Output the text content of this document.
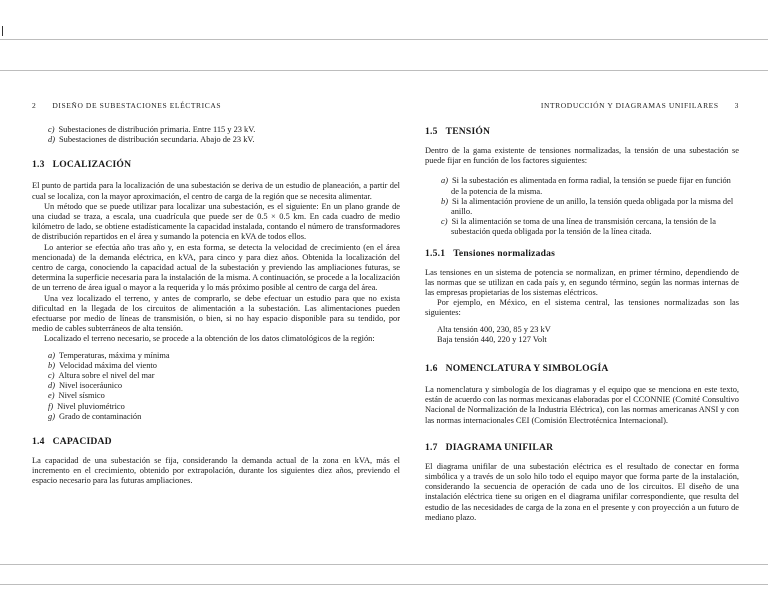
2 DISEÑO DE SUBESTACIONES ELÉCTRICAS
c) Subestaciones de distribución primaria. Entre 115 y 23 kV.
d) Subestaciones de distribución secundaria. Abajo de 23 kV.
1.3 LOCALIZACIÓN

El punto de partida para la localización de una subestación se deriva de un estudio de planeación, a partir del cual se localiza, con la mayor aproximación, el centro de carga de la región que se necesita alimentar.

Un método que se puede utilizar para localizar una subestación, es el siguiente: En un plano grande de una ciudad se traza, a escala, una cuadrícula que puede ser de 0.5 × 0.5 km. En cada cuadro de medio kilómetro de lado, se obtiene estadísticamente la capacidad instalada, contando el número de transformadores de distribución repartidos en el área y sumando la potencia en kVA de todos ellos.

Lo anterior se efectúa año tras año y, en esta forma, se detecta la velocidad de crecimiento (en el área mencionada) de la demanda eléctrica, en kVA, para cinco y para diez años. Obtenida la localización del centro de carga, conociendo la capacidad actual de la subestación y previendo las ampliaciones futuras, se determina la superficie necesaria para la instalación de la misma. A continuación, se procede a la localización de un terreno de área igual o mayor a la requerida y lo más próximo posible al centro de carga del área.

Una vez localizado el terreno, y antes de comprarlo, se debe efectuar un estudio para que no exista dificultad en la llegada de los circuitos de alimentación a la subestación. Las alimentaciones pueden efectuarse por medio de líneas de transmisión, o bien, si no hay espacio disponible para su tendido, por medio de cables subterráneos de alta tensión.

Localizado el terreno necesario, se procede a la obtención de los datos climatológicos de la región:

a) Temperaturas, máxima y mínima
b) Velocidad máxima del viento
c) Altura sobre el nivel del mar
d) Nivel isoceráunico
e) Nivel sísmico
f) Nivel pluviométrico
g) Grado de contaminación
1.4 CAPACIDAD

La capacidad de una subestación se fija, considerando la demanda actual de la zona en kVA, más el incremento en el crecimiento, obtenido por extrapolación, durante los siguientes diez años, previendo el espacio necesario para las futuras ampliaciones.

INTRODUCCIÓN Y DIAGRAMAS UNIFILARES 3
1.5 TENSIÓN

Dentro de la gama existente de tensiones normalizadas, la tensión de una subestación se puede fijar en función de los factores siguientes:

a) Si la subestación es alimentada en forma radial, la tensión se puede fijar en función de la potencia de la misma.
b) Si la alimentación proviene de un anillo, la tensión queda obligada por la misma del anillo.
c) Si la alimentación se toma de una línea de transmisión cercana, la tensión de la subestación queda obligada por la tensión de la línea citada.
1.5.1 Tensiones normalizadas

Las tensiones en un sistema de potencia se normalizan, en primer término, dependiendo de las normas que se utilizan en cada país y, en segundo término, según las normas internas de las empresas propietarias de los sistemas eléctricos.

Por ejemplo, en México, en el sistema central, las tensiones normalizadas son las siguientes:

Alta tensión 400, 230, 85 y 23 kV
Baja tensión 440, 220 y 127 Volt
1.6 NOMENCLATURA Y SIMBOLOGÍA

La nomenclatura y simbología de los diagramas y el equipo que se menciona en este texto, están de acuerdo con las normas mexicanas elaboradas por el CCONNIE (Comité Consultivo Nacional de Normalización de la Industria Eléctrica), con las normas americanas ANSI y con las normas internacionales CEI (Comisión Electrotécnica Internacional).

1.7 DIAGRAMA UNIFILAR

El diagrama unifilar de una subestación eléctrica es el resultado de conectar en forma simbólica y a través de un solo hilo todo el equipo mayor que forma parte de la instalación, considerando la secuencia de operación de cada uno de los circuitos. El diseño de una instalación eléctrica tiene su origen en el diagrama unifilar correspondiente, que resulta del estudio de las necesidades de carga de la zona en el presente y con proyección a un futuro de mediano plazo.
